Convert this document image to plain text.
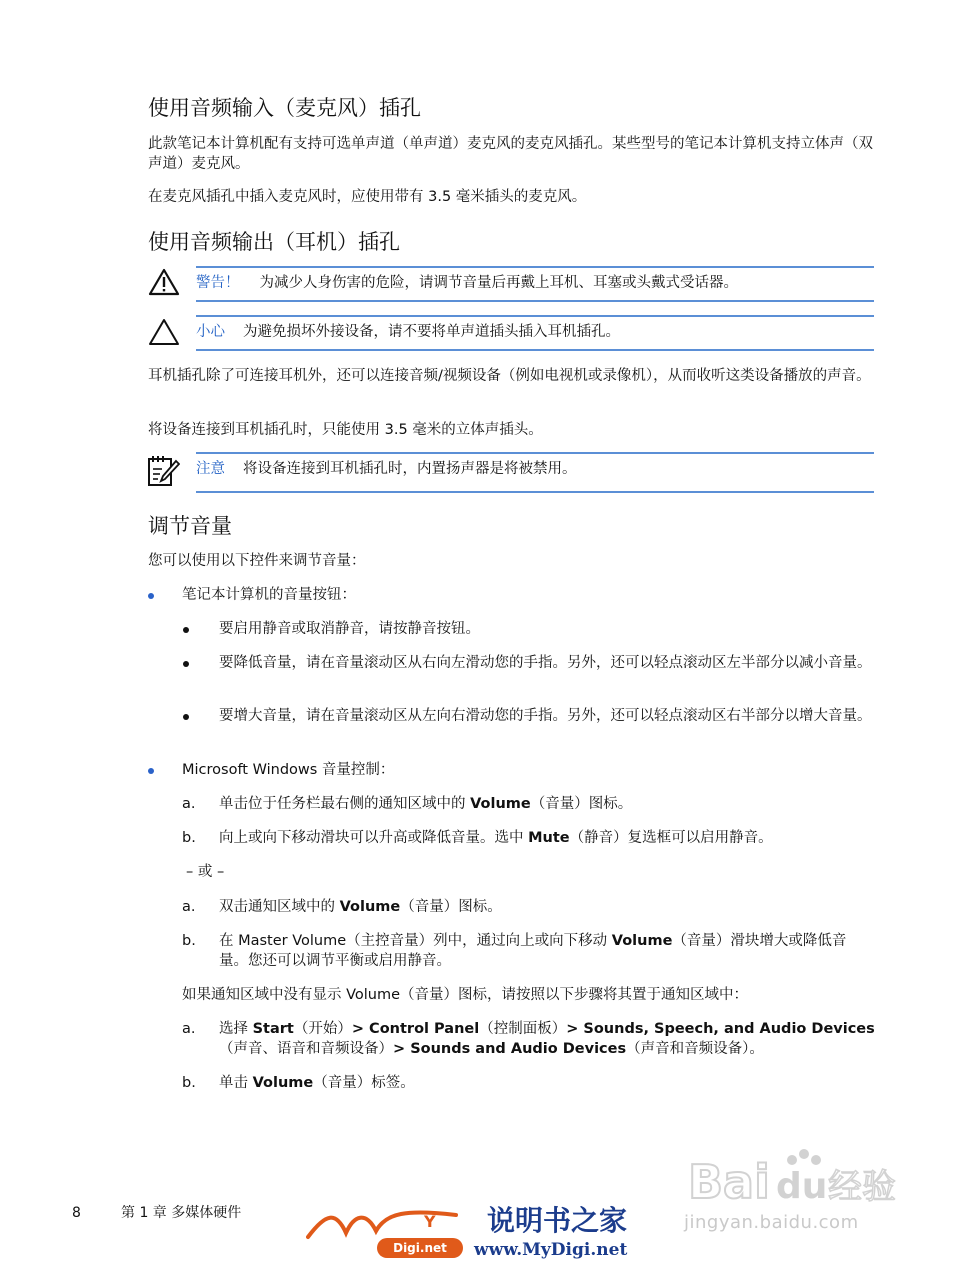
使用音频输入（麦克风）插孔

此款笔记本计算机配有支持可选单声道（单声道）麦克风的麦克风插孔。某些型号的笔记本计算机支持立体声（双声道）麦克风。

在麦克风插孔中插入麦克风时，应使用带有 3.5 毫米插头的麦克风。

使用音频输出（耳机）插孔
警告！ 为减少人身伤害的危险，请调节音量后再戴上耳机、耳塞或头戴式受话器。
小心 为避免损坏外接设备，请不要将单声道插头插入耳机插孔。

耳机插孔除了可连接耳机外，还可以连接音频/视频设备（例如电视机或录像机），从而收听这类设备播放的声音。

将设备连接到耳机插孔时，只能使用 3.5 毫米的立体声插头。

注意 将设备连接到耳机插孔时，内置扬声器是将被禁用。
调节音量

您可以使用以下控件来调节音量：

笔记本计算机的音量按钮：

要启用静音或取消静音，请按静音按钮。

要降低音量，请在音量滚动区从右向左滑动您的手指。另外，还可以轻点滚动区左半部分以减小音量。

要增大音量，请在音量滚动区从左向右滑动您的手指。另外，还可以轻点滚动区右半部分以增大音量。

Microsoft Windows 音量控制：

a. 单击位于任务栏最右侧的通知区域中的 Volume（音量）图标。

b. 向上或向下移动滑块可以升高或降低音量。选中 Mute（静音）复选框可以启用静音。

– 或 –

a. 双击通知区域中的 Volume（音量）图标。

b. 在 Master Volume（主控音量）列中，通过向上或向下移动 Volume（音量）滑块增大或降低音量。您还可以调节平衡或启用静音。

如果通知区域中没有显示 Volume（音量）图标，请按照以下步骤将其置于通知区域中：

a. 选择 Start（开始）> Control Panel（控制面板）> Sounds, Speech, and Audio Devices（声音、语音和音频设备）> Sounds and Audio Devices（声音和音频设备）。

b. 单击 Volume（音量）标签。

8	第 1 章 多媒体硬件
Bai du 经验
jingyan.baidu.com
Y
Digi.net
说明书之家
www.MyDigi.net
